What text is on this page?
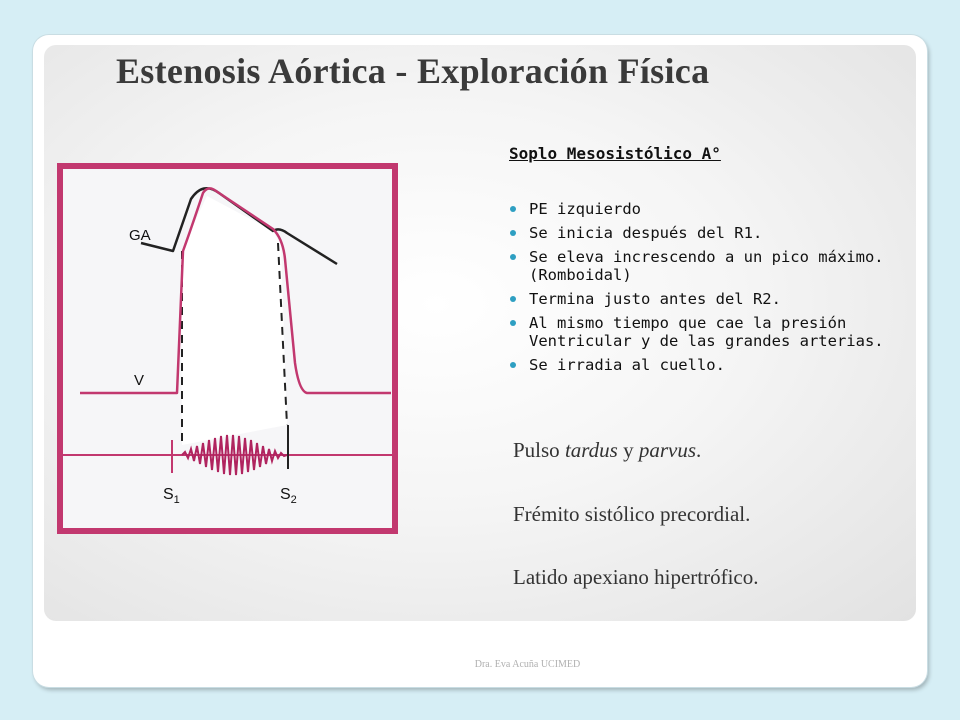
Estenosis Aórtica - Exploración Física
GA
V
$S_1$	$S_2$

Soplo Mesosistólico A°

PE izquierdo
Se inicia después del R1.
Se eleva increscendo a un pico máximo. (Romboidal)
Termina justo antes del R2.
Al mismo tiempo que cae la presión Ventricular y de las grandes arterias.
Se irradia al cuello.

Pulso tardus y parvus.

Frémito sistólico precordial.

Latido apexiano hipertrófico.

Dra. Eva Acuña UCIMED
